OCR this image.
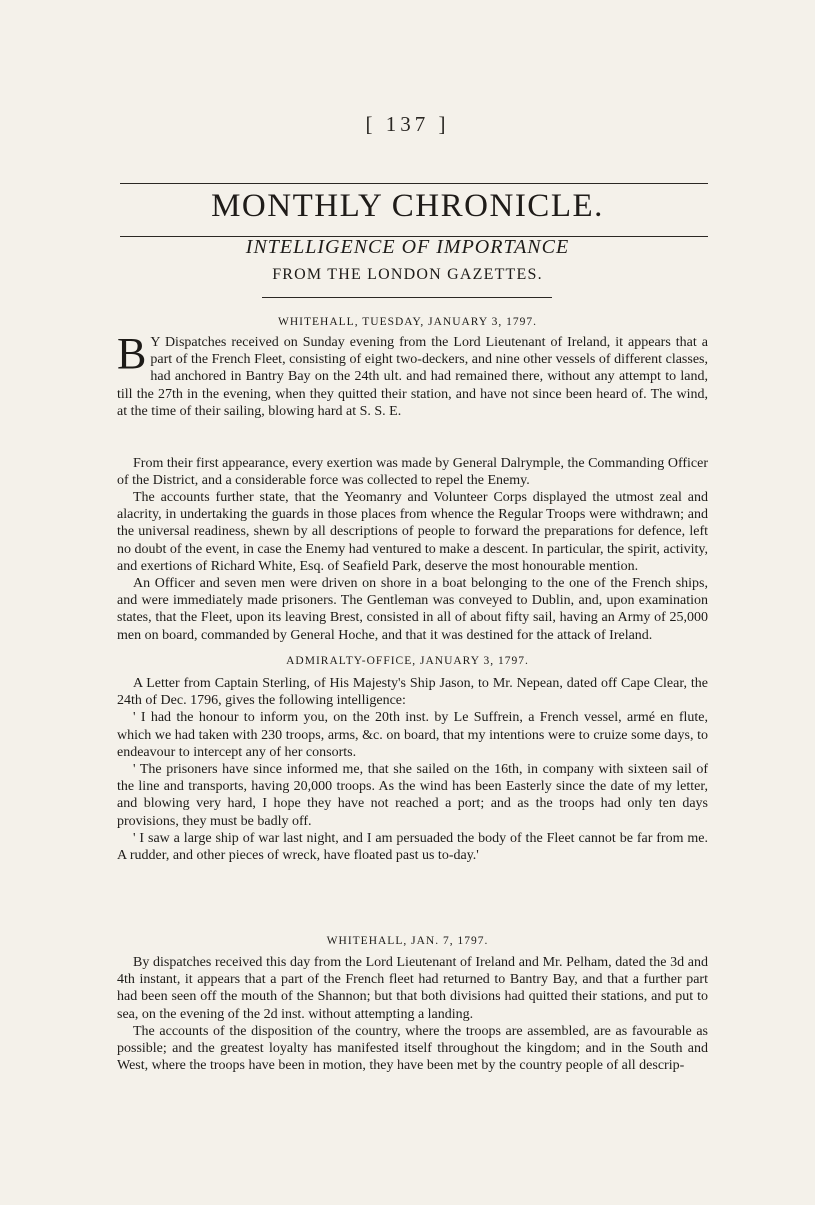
[ 137 ]
MONTHLY CHRONICLE.
INTELLIGENCE OF IMPORTANCE
FROM THE LONDON GAZETTES.
WHITEHALL, TUESDAY, JANUARY 3, 1797.
B Y Dispatches received on Sunday evening from the Lord Lieutenant of Ireland, it appears that a part of the French Fleet, consisting of eight two-deckers, and nine other vessels of different classes, had anchored in Bantry Bay on the 24th ult. and had remained there, without any attempt to land, till the 27th in the evening, when they quitted their station, and have not since been heard of. The wind, at the time of their sailing, blowing hard at S. S. E.
From their first appearance, every exertion was made by General Dalrymple, the Commanding Officer of the District, and a considerable force was collected to repel the Enemy.
The accounts further state, that the Yeomanry and Volunteer Corps displayed the utmost zeal and alacrity, in undertaking the guards in those places from whence the Regular Troops were withdrawn; and the universal readiness, shewn by all descriptions of people to forward the preparations for defence, left no doubt of the event, in case the Enemy had ventured to make a descent. In particular, the spirit, activity, and exertions of Richard White, Esq. of Seafield Park, deserve the most honourable mention.
An Officer and seven men were driven on shore in a boat belonging to the one of the French ships, and were immediately made prisoners. The Gentleman was conveyed to Dublin, and, upon examination states, that the Fleet, upon its leaving Brest, consisted in all of about fifty sail, having an Army of 25,000 men on board, commanded by General Hoche, and that it was destined for the attack of Ireland.
ADMIRALTY-OFFICE, JANUARY 3, 1797.
A Letter from Captain Sterling, of His Majesty's Ship Jason, to Mr. Nepean, dated off Cape Clear, the 24th of Dec. 1796, gives the following intelligence:
' I had the honour to inform you, on the 20th inst. by Le Suffrein, a French vessel, armé en flute, which we had taken with 230 troops, arms, &c. on board, that my intentions were to cruize some days, to endeavour to intercept any of her consorts.
' The prisoners have since informed me, that she sailed on the 16th, in company with sixteen sail of the line and transports, having 20,000 troops. As the wind has been Easterly since the date of my letter, and blowing very hard, I hope they have not reached a port; and as the troops had only ten days provisions, they must be badly off.
' I saw a large ship of war last night, and I am persuaded the body of the Fleet cannot be far from me. A rudder, and other pieces of wreck, have floated past us to-day.'
WHITEHALL, JAN. 7, 1797.
By dispatches received this day from the Lord Lieutenant of Ireland and Mr. Pelham, dated the 3d and 4th instant, it appears that a part of the French fleet had returned to Bantry Bay, and that a further part had been seen off the mouth of the Shannon; but that both divisions had quitted their stations, and put to sea, on the evening of the 2d inst. without attempting a landing.
The accounts of the disposition of the country, where the troops are assembled, are as favourable as possible; and the greatest loyalty has manifested itself throughout the kingdom; and in the South and West, where the troops have been in motion, they have been met by the country people of all descrip-
